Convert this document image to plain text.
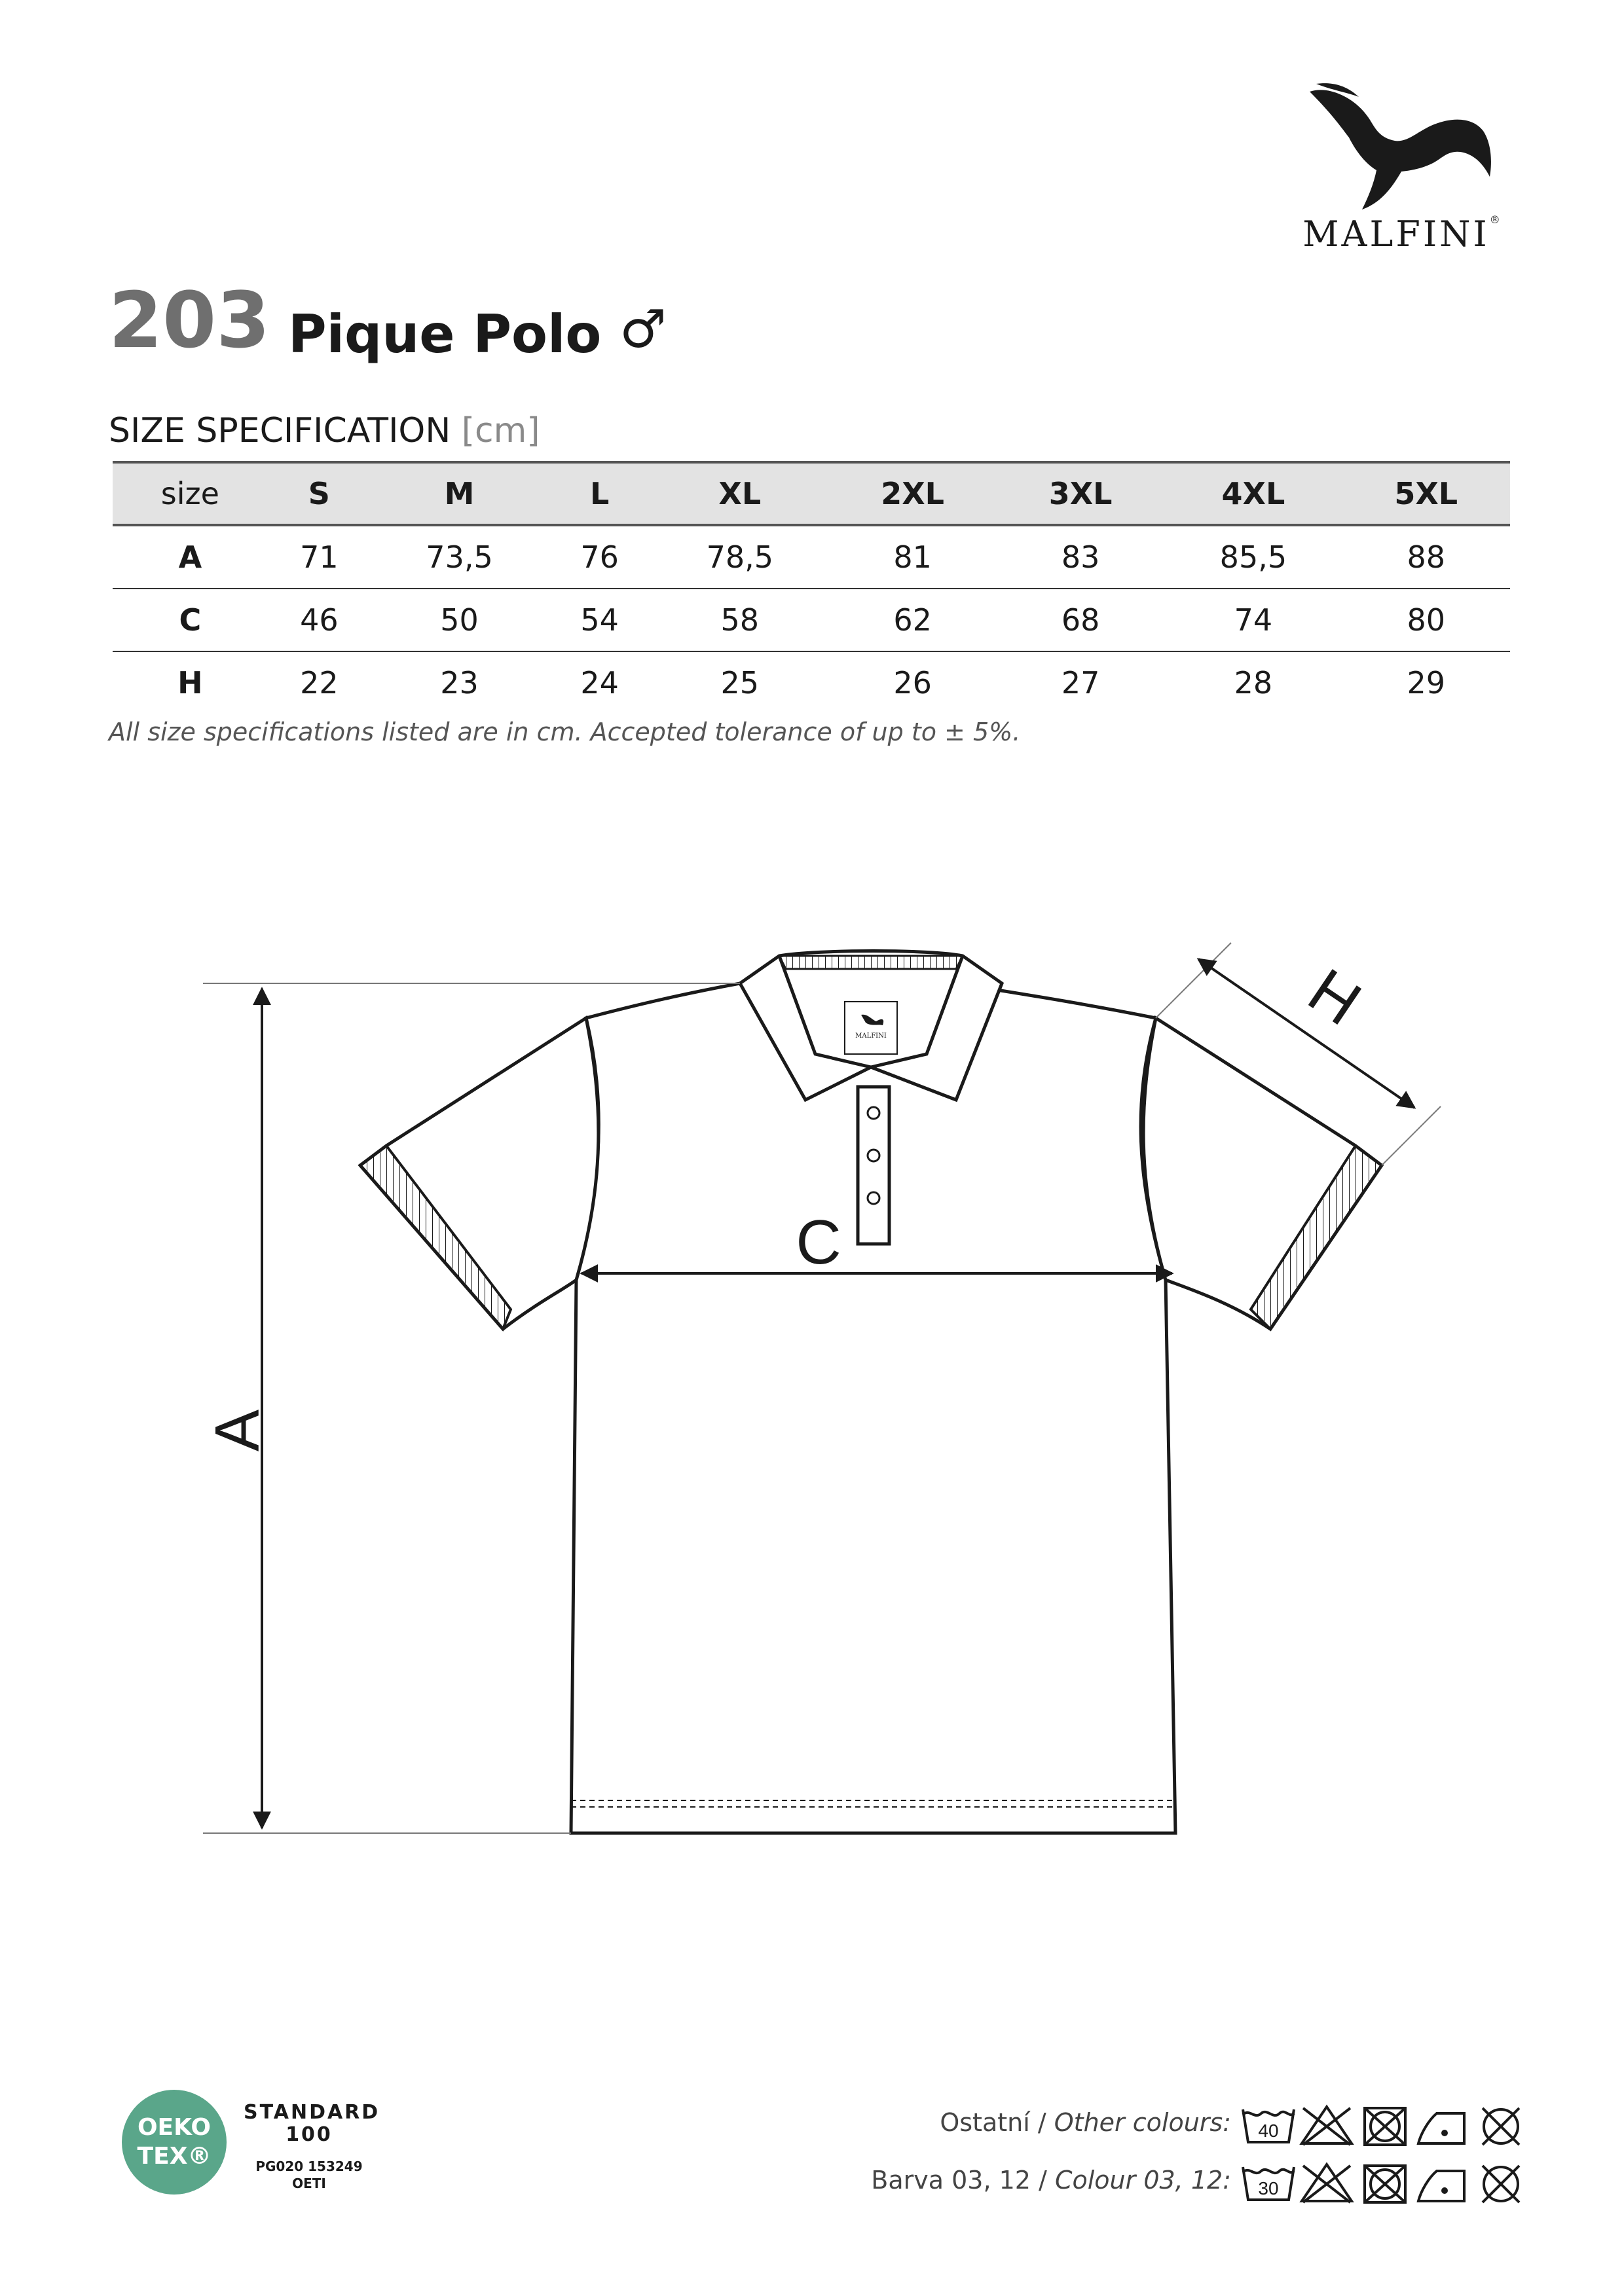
MALFINI®
203 Pique Polo ♂
SIZE SPECIFICATION [cm]
size	S	M	L	XL	2XL	3XL	4XL	5XL
A	71	73,5	76	78,5	81	83	85,5	88
C	46	50	54	58	62	68	74	80
H	22	23	24	25	26	27	28	29
All size specifications listed are in cm. Accepted tolerance of up to ± 5%.
MALFINI
A
C
H
OEKO
TEX®
STANDARD
100
PG020 153249
OETI
Ostatní / Other colours: 40
Barva 03, 12 / Colour 03, 12: 30
